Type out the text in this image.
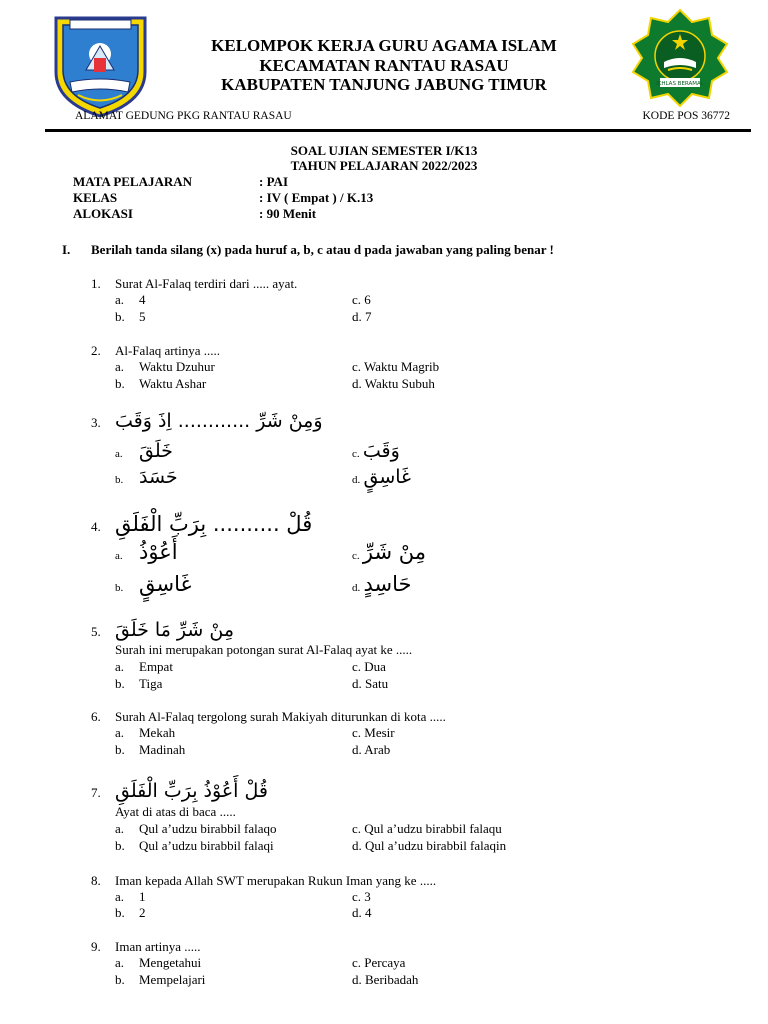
KELOMPOK KERJA GURU AGAMA ISLAM
KECAMATAN RANTAU RASAU
KABUPATEN TANJUNG JABUNG TIMUR	IKHLAS BERAMAL
ALAMAT GEDUNG PKG RANTAU RASAU	KODE POS 36772
SOAL UJIAN SEMESTER I/K13
TAHUN PELAJARAN 2022/2023
MATA PELAJARAN	: PAI
KELAS	: IV ( Empat ) / K.13
ALOKASI	: 90 Menit
I. Berilah tanda silang (x) pada huruf a, b, c atau d pada jawaban yang paling benar !
1. Surat Al-Falaq terdiri dari ..... ayat.
a. 4
b. 5
c. 6
d. 7
2. Al-Falaq artinya .....
a. Waktu Dzuhur
b. Waktu Ashar
c. Waktu Magrib
d. Waktu Subuh
3. وَمِنْ شَرِّ ............ اِذَ وَقَبَ
a. خَلَقَ
b. حَسَدَ
c. وَقَبَ
d. غَاسِقٍ
4. قُلْ .......... بِرَبِّ الْفَلَقِ
a. أَعُوْذُ
b. غَاسِقٍ
c. مِنْ شَرِّ
d. حَاسِدٍ
5. مِنْ شَرِّ مَا خَلَقَ
Surah ini merupakan potongan surat Al-Falaq ayat ke .....
a. Empat
b. Tiga
c. Dua
d. Satu
6. Surah Al-Falaq tergolong surah Makiyah diturunkan di kota .....
a. Mekah
b. Madinah
c. Mesir
d. Arab
7. قُلْ أَعُوْذُ بِرَبِّ الْفَلَقِ
Ayat di atas di baca .....
a. Qul a’udzu birabbil falaqo
b. Qul a’udzu birabbil falaqi
c. Qul a’udzu birabbil falaqu
d. Qul a’udzu birabbil falaqin
8. Iman kepada Allah SWT merupakan Rukun Iman yang ke .....
a. 1
b. 2
c. 3
d. 4
9. Iman artinya .....
a. Mengetahui
b. Mempelajari
c. Percaya
d. Beribadah
